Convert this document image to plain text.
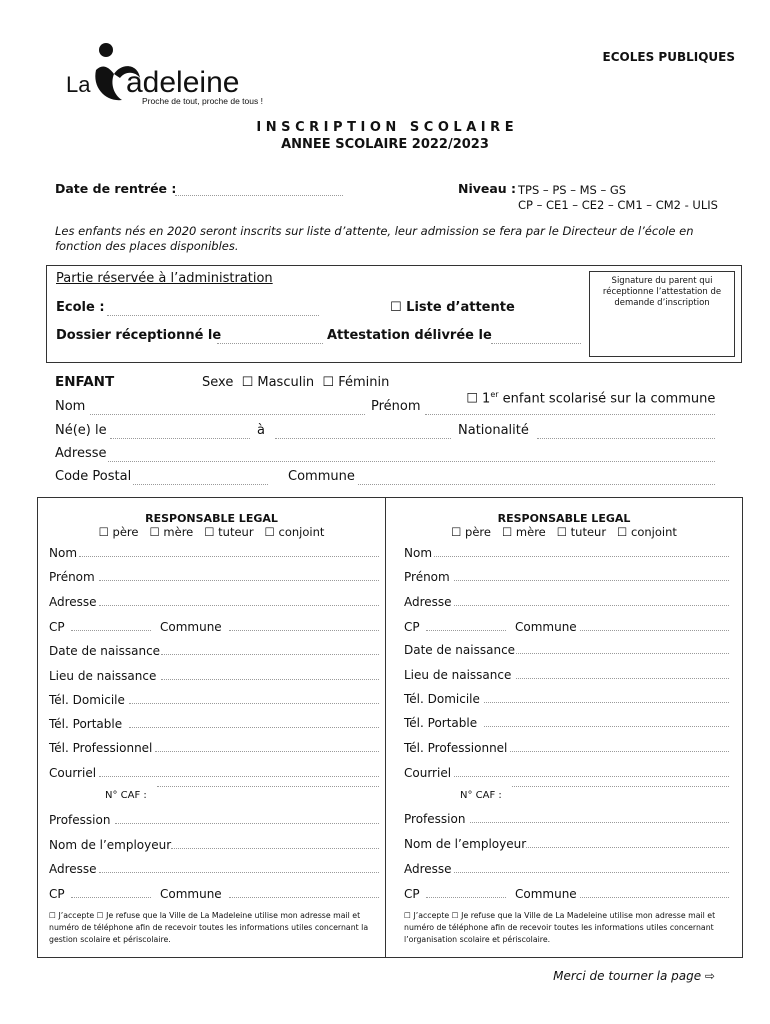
La adeleine
Proche de tout, proche de tous !
ECOLES PUBLIQUES
I N S C R I P T I O N   S C O L A I R E
ANNEE SCOLAIRE 2022/2023
Date de rentrée :	Niveau : TPS – PS – MS – GS
CP – CE1 – CE2 – CM1 – CM2 - ULIS
Les enfants nés en 2020 seront inscrits sur liste d’attente, leur admission se fera par le Directeur de l’école en fonction des places disponibles.
Partie réservée à l’administration
Ecole :	☐ Liste d’attente
Dossier réceptionné le	Attestation délivrée le
Signature du parent qui réceptionne l’attestation de demande d’inscription
ENFANT	Sexe  ☐ Masculin  ☐ Féminin

☐ 1er enfant scolarisé sur la commune

Nom	Prénom
Né(e) le	à	Nationalité
Adresse
Code Postal	Commune
RESPONSABLE LEGAL
☐ père   ☐ mère   ☐ tuteur   ☐ conjoint
Nom
Prénom
Adresse
CP	Commune
Date de naissance
Lieu de naissance
Tél. Domicile
Tél. Portable
Tél. Professionnel
Courriel
N° CAF :
Profession
Nom de l’employeur
Adresse
CP	Commune
☐ J’accepte ☐ Je refuse que la Ville de La Madeleine utilise mon adresse mail et numéro de téléphone afin de recevoir toutes les informations utiles concernant la gestion scolaire et périscolaire.
RESPONSABLE LEGAL
☐ père   ☐ mère   ☐ tuteur   ☐ conjoint
Nom
Prénom
Adresse
CP	Commune
Date de naissance
Lieu de naissance
Tél. Domicile
Tél. Portable
Tél. Professionnel
Courriel
N° CAF :
Profession
Nom de l’employeur
Adresse
CP	Commune
☐ J’accepte ☐ Je refuse que la Ville de La Madeleine utilise mon adresse mail et numéro de téléphone afin de recevoir toutes les informations utiles concernant l’organisation scolaire et périscolaire.
Merci de tourner la page ⇨
